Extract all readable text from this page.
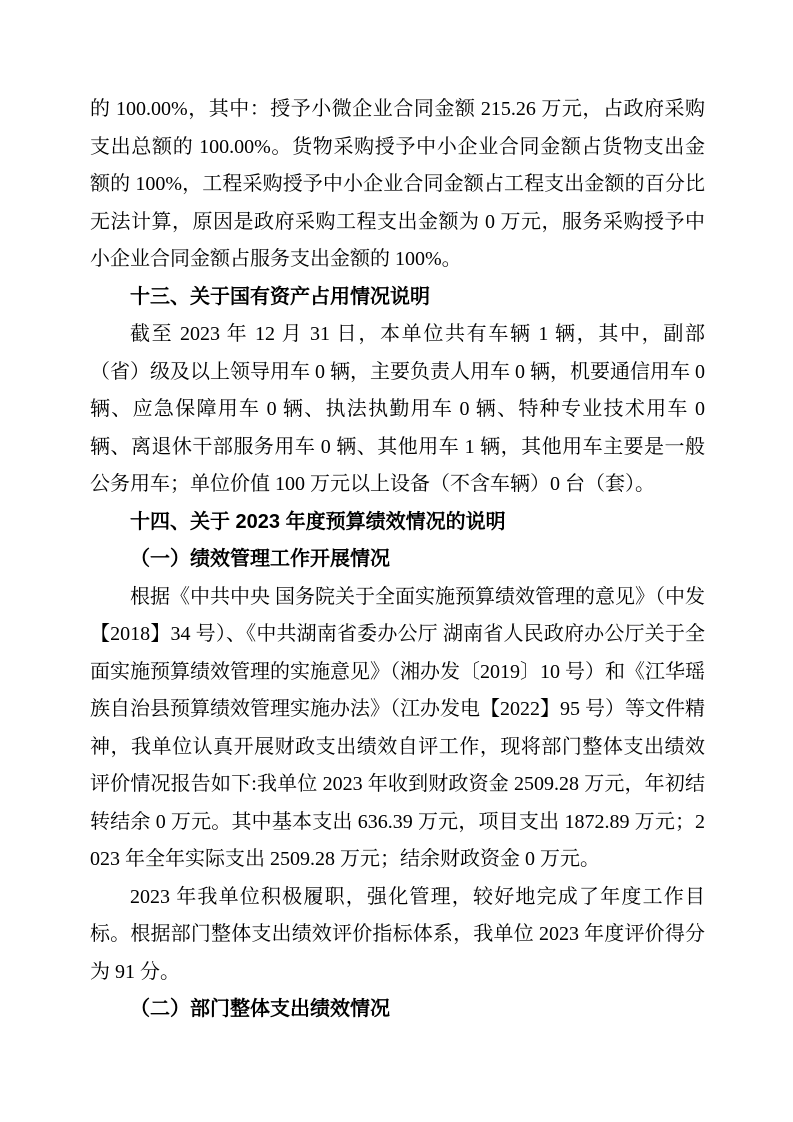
的 100.00%，其中：授予小微企业合同金额 215.26 万元，占政府采购支出总额的 100.00%。货物采购授予中小企业合同金额占货物支出金额的 100%，工程采购授予中小企业合同金额占工程支出金额的百分比无法计算，原因是政府采购工程支出金额为 0 万元，服务采购授予中小企业合同金额占服务支出金额的 100%。

十三、关于国有资产占用情况说明

截至 2023 年 12 月 31 日，本单位共有车辆 1 辆，其中，副部（省）级及以上领导用车 0 辆，主要负责人用车 0 辆，机要通信用车 0 辆、应急保障用车 0 辆、执法执勤用车 0 辆、特种专业技术用车 0 辆、离退休干部服务用车 0 辆、其他用车 1 辆，其他用车主要是一般公务用车；单位价值 100 万元以上设备（不含车辆）0 台（套）。

十四、关于 2023 年度预算绩效情况的说明

（一）绩效管理工作开展情况

根据《中共中央 国务院关于全面实施预算绩效管理的意见》（中发【2018】34 号）、《中共湖南省委办公厅 湖南省人民政府办公厅关于全面实施预算绩效管理的实施意见》（湘办发〔2019〕10 号）和《江华瑶族自治县预算绩效管理实施办法》（江办发电【2022】95 号）等文件精神，我单位认真开展财政支出绩效自评工作，现将部门整体支出绩效评价情况报告如下:我单位 2023 年收到财政资金 2509.28 万元，年初结转结余 0 万元。其中基本支出 636.39 万元，项目支出 1872.89 万元；2023 年全年实际支出 2509.28 万元；结余财政资金 0 万元。

2023 年我单位积极履职，强化管理，较好地完成了年度工作目标。根据部门整体支出绩效评价指标体系，我单位 2023 年度评价得分为 91 分。

（二）部门整体支出绩效情况
